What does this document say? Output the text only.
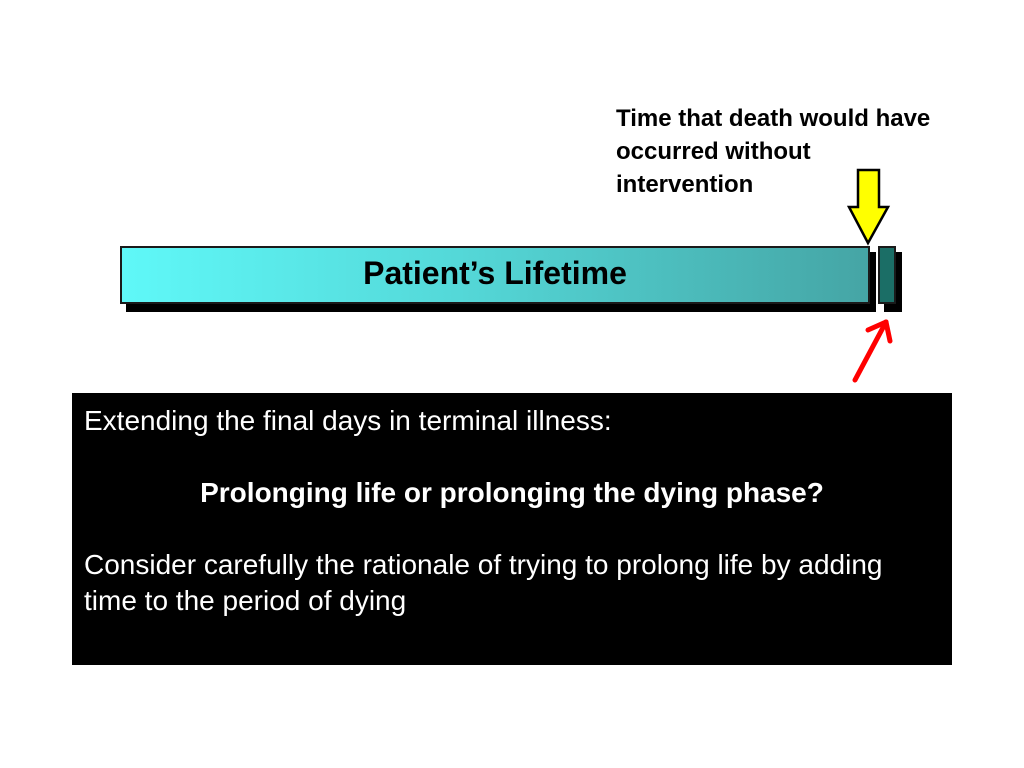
Time that death would have
occurred without
intervention
Patient’s Lifetime

Extending the final days in terminal illness:

Prolonging life or prolonging the dying phase?

Consider carefully the rationale of trying to prolong life by adding time to the period of dying
